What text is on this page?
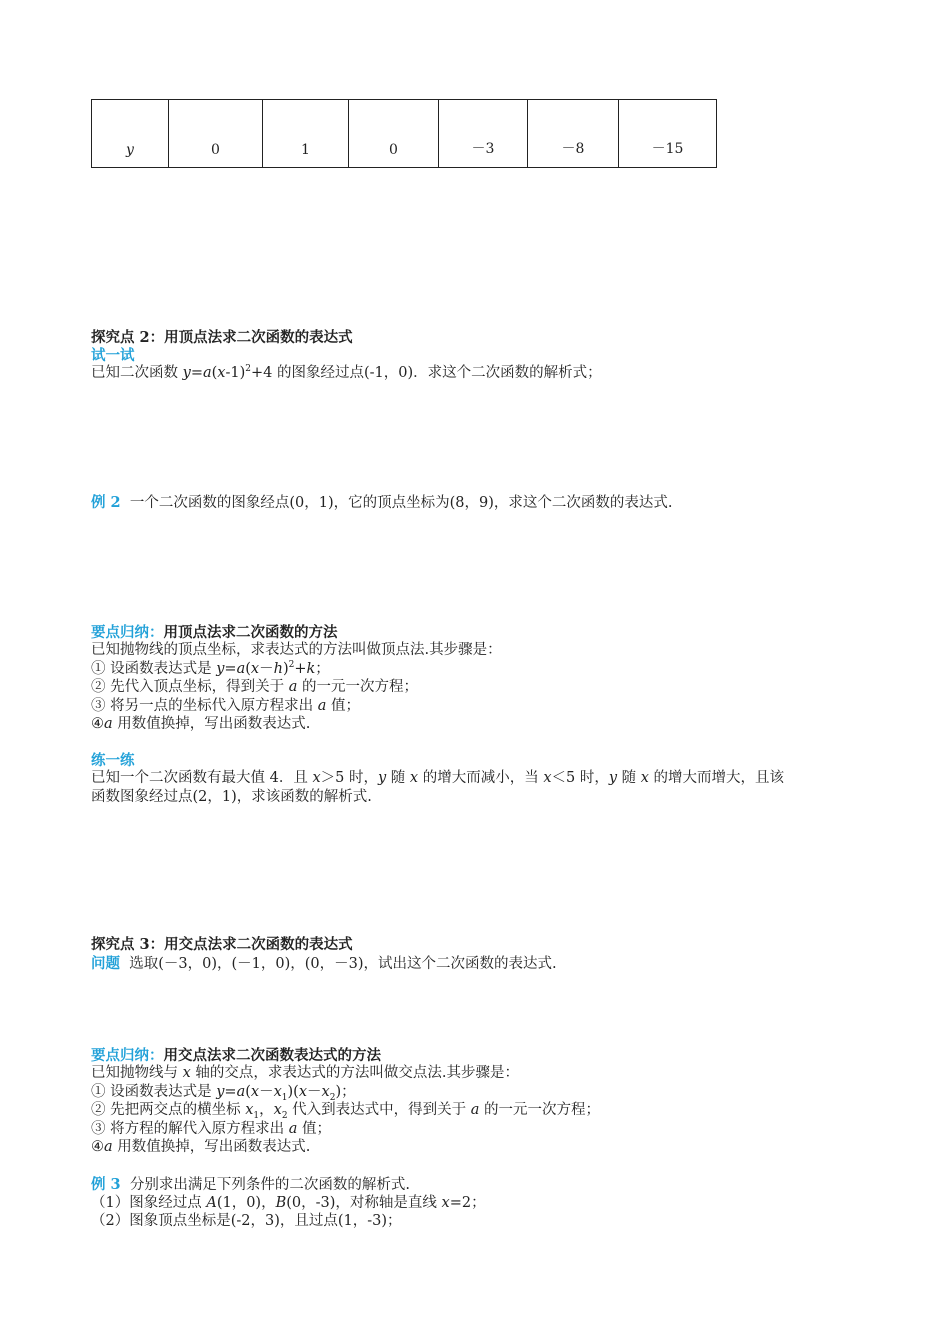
y	0	1	0	－3	－8	－15
探究点 2：用顶点法求二次函数的表达式
试一试
已知二次函数 $y=a(x-1)^2+4$ 的图象经过点(-1，0)．求这个二次函数的解析式；
例 2 一个二次函数的图象经点(0，1)，它的顶点坐标为(8，9)，求这个二次函数的表达式.
要点归纳：用顶点法求二次函数的方法
已知抛物线的顶点坐标，求表达式的方法叫做顶点法.其步骤是：
① 设函数表达式是 $y=a(x-h)^2+k$；
② 先代入顶点坐标，得到关于 a 的一元一次方程；
③ 将另一点的坐标代入原方程求出 a 值；
④a 用数值换掉，写出函数表达式.
练一练
已知一个二次函数有最大值 4．且 x＞5 时，y 随 x 的增大而减小，当 x＜5 时，y 随 x 的增大而增大，且该
函数图象经过点(2，1)，求该函数的解析式.
探究点 3：用交点法求二次函数的表达式
问题 选取(－3，0)，(－1，0)，(0，－3)，试出这个二次函数的表达式.
要点归纳：用交点法求二次函数表达式的方法
已知抛物线与 x 轴的交点，求表达式的方法叫做交点法.其步骤是：
① 设函数表达式是 $y=a(x-x_1)(x-x_2)$；
② 先把两交点的横坐标 $x_1$，$x_2$ 代入到表达式中，得到关于 a 的一元一次方程；
③ 将方程的解代入原方程求出 a 值；
④a 用数值换掉，写出函数表达式.
例 3 分别求出满足下列条件的二次函数的解析式.
（1）图象经过点 A(1，0)，B(0，-3)，对称轴是直线 x=2；
（2）图象顶点坐标是(-2，3)，且过点(1，-3)；
